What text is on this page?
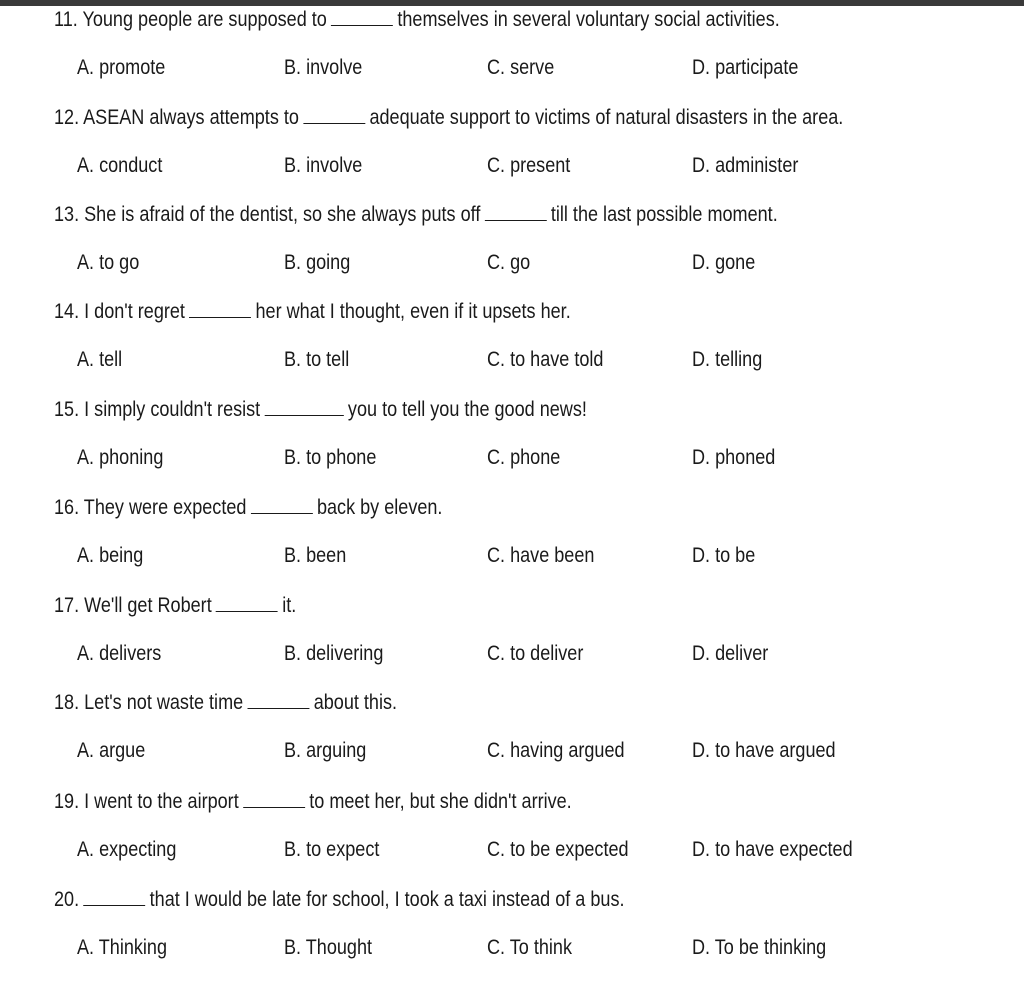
11. Young people are supposed to	themselves in several voluntary social activities.
A. promote	B. involve	C. serve	D. participate
12. ASEAN always attempts to	adequate support to victims of natural disasters in the area.
A. conduct	B. involve	C. present	D. administer
13. She is afraid of the dentist, so she always puts off	till the last possible moment.
A. to go	B. going	C. go	D. gone
14. I don't regret	her what I thought, even if it upsets her.
A. tell	B. to tell	C. to have told	D. telling
15. I simply couldn't resist	you to tell you the good news!
A. phoning	B. to phone	C. phone	D. phoned
16. They were expected	back by eleven.
A. being	B. been	C. have been	D. to be
17. We'll get Robert	it.
A. delivers	B. delivering	C. to deliver	D. deliver
18. Let's not waste time	about this.
A. argue	B. arguing	C. having argued	D. to have argued
19. I went to the airport	to meet her, but she didn't arrive.
A. expecting	B. to expect	C. to be expected	D. to have expected
20.	that I would be late for school, I took a taxi instead of a bus.
A. Thinking	B. Thought	C. To think	D. To be thinking
